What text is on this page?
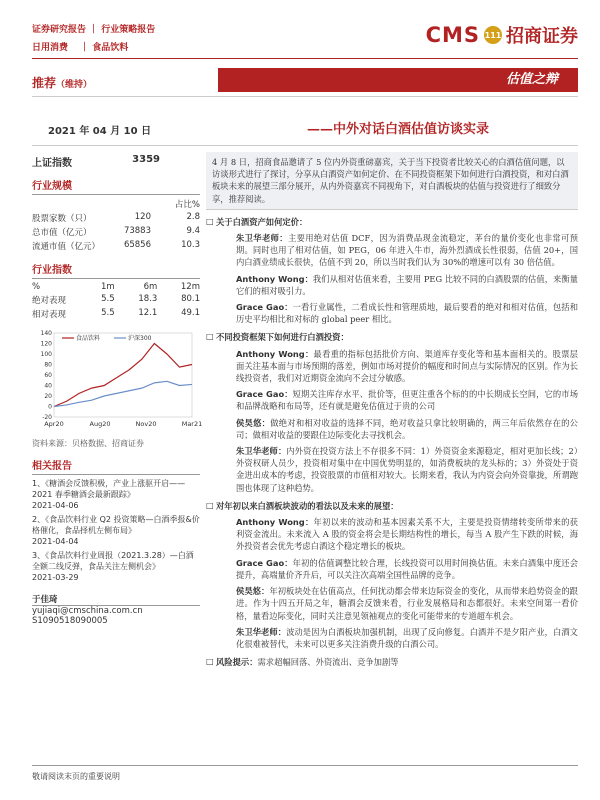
证券研究报告 ｜ 行业策略报告
日用消费　 ｜ 食品饮料
CMS 111 招商证券
推荐（维持）	估值之辩
2021 年 04 月 10 日	——中外对话白酒估值访谈实录
上证指数	3359
行业规模
占比%
股票家数（只）	120	2.8
总市值（亿元）	73883	9.4
流通市值（亿元）	65856	10.3
行业指数
%	1m	6m	12m
绝对表现	5.5	18.3	80.1
相对表现	5.5	12.1	49.1
140
120
100
80
60
40
20
0
-20
Apr20	Aug20	Nov20	Mar21
食品饮料	沪深300
资料来源：贝格数据、招商证券
相关报告
1、《糖酒会反馈积极，产业上涨驱开启——2021 春季糖酒会最新跟踪》
2021-04-06
2、《食品饮料行业 Q2 投资策略—白酒季报&价格催化，食品择机左侧布局》
2021-04-04
3、《食品饮料行业周报（2021.3.28）—白酒全额二线反弹，食品关注左侧机会》
2021-03-29
于佳琦
yujiaqi@cmschina.com.cn
S1090518090005
4 月 8 日，招商食品邀请了 5 位内外资重磅嘉宾，关于当下投资者比较关心的白酒估值问题，以访谈形式进行了探讨，分享从白酒资产如何定价、在不同投资框架下如何进行白酒投资，和对白酒板块未来的展望三部分展开，从内外资嘉宾不同视角下，对白酒板块的估值与投资进行了细致分享，推荐阅读。
□ 关于白酒资产如何定价：
朱卫华老师：主要用绝对估值 DCF，因为消费品现金流稳定，茅台的量价变化也非常可预期。同时也用了相对估值，如 PEG，06 年进入牛市，海外烈酒成长性很弱，估值 20+，国内白酒业绩成长很快，估值不到 20，所以当时我们认为 30%的增速可以有 30 倍估值。
Anthony Wong：我们从相对估值来看，主要用 PEG 比较不同的白酒股票的估值，来衡量它们的相对吸引力。
Grace Gao：一看行业属性，二看成长性和管理质地，最后要看的绝对和相对估值，包括和历史平均相比和对标的 global peer 相比。
□ 不同投资框架下如何进行白酒投资：
Anthony Wong：最看重的指标包括批价方向、渠道库存变化等和基本面相关的。股票层面关注基本面与市场预期的落差，例如市场对提价的幅度和时间点与实际情况的区别。作为长线投资者，我们对近期资金流向不会过分敏感。
Grace Gao：短期关注库存水平、批价等，但更注重各个标的的中长期成长空间，它的市场和品牌战略和布局等，还有就是避免估值过于贵的公司
侯昊悠：做绝对和相对收益的选择不同，绝对收益只拿比较明确的，两三年后依然存在的公司；做相对收益的要跟住边际变化去寻找机会。
朱卫华老师：内外资在投资方法上不存很多不同：1）外资资金来源稳定，相对更加长线；2）外资权研人员少，投资相对集中在中国优势明显的，如消费板块的龙头标的；3）外资处于资金进出成本的考虑，投资股票的市值相对较大。长期来看，我认为内资会向外资靠拢，所谓跑围也体现了这种趋势。
□ 对年初以来白酒板块波动的看法以及未来的展望：
Anthony Wong：年初以来的波动和基本因素关系不大，主要是投资情绪转变所带来的获利资金流出。未来流入 A 股的资金将会是长期结构性的增长，每当 A 股产生下跌的时候，海外投资者会优先考虑白酒这个稳定增长的板块。
Grace Gao：年初的估值调整比较合理，长线投资可以用时间换估值。未来白酒集中度还会提升，高端量价齐升后，可以关注次高端全国性品牌的竞争。
侯昊悠：年初板块处在估值高点，任何扰动都会带来边际资金的变化，从而带来趋势资金的跟进。作为十四五开局之年，糖酒会反馈来看，行业发展格局和态都很好。未来空间第一看价格，量看边际变化，同时关注意见领袖观点的变化可能带来的专道超车机会。
朱卫华老师：波动是因为白酒板块加强机制，出现了反向修复。白酒并不是夕阳产业，白酒文化很难被替代，未来可以更多关注消费升级的白酒公司。
□ 风险提示：需求超幅回落、外资流出、竞争加剧等
敬请阅读末页的重要说明
